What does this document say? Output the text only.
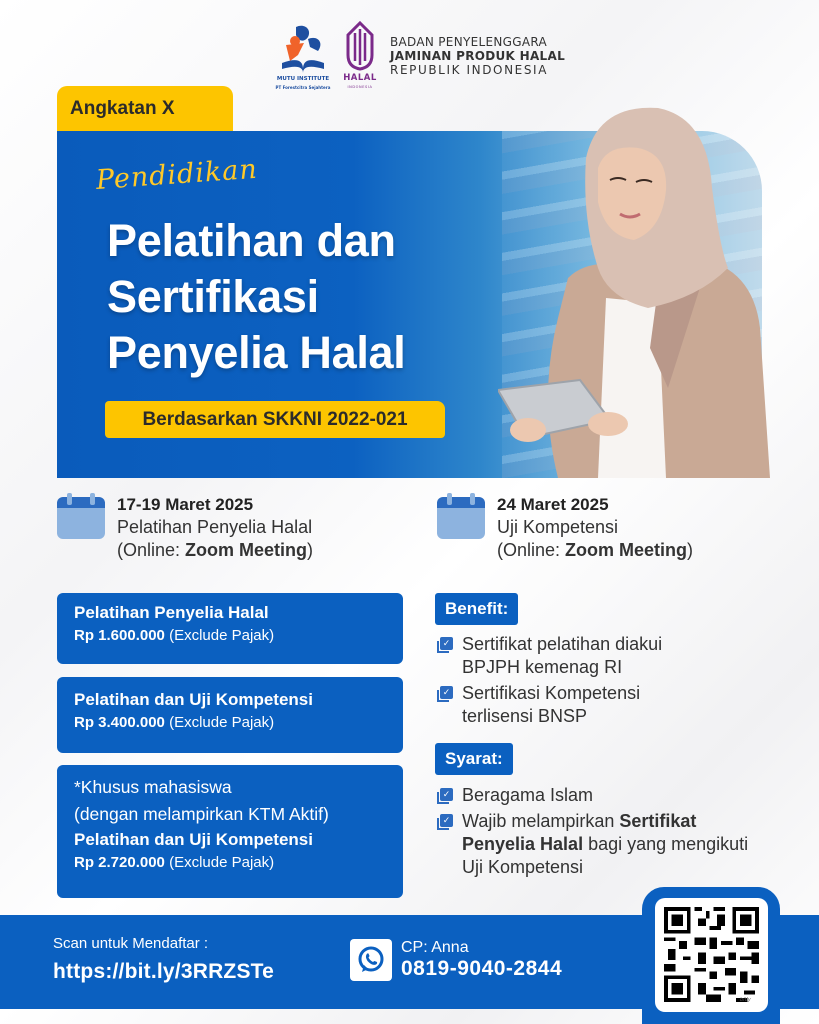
MUTU INSTITUTE
PT Forestcitra Sejahtera
HALAL
INDONESIA
BADAN PENYELENGGARA
JAMINAN PRODUK HALAL
REPUBLIK INDONESIA
Angkatan X
Pendidikan
Pelatihan dan
Sertifikasi
Penyelia Halal
Berdasarkan SKKNI 2022-021
17-19 Maret 2025
Pelatihan Penyelia Halal
(Online: Zoom Meeting)
24 Maret 2025
Uji Kompetensi
(Online: Zoom Meeting)
Pelatihan Penyelia Halal
Rp 1.600.000 (Exclude Pajak)
Pelatihan dan Uji Kompetensi
Rp 3.400.000 (Exclude Pajak)
*Khusus mahasiswa
(dengan melampirkan KTM Aktif)
Pelatihan dan Uji Kompetensi
Rp 2.720.000 (Exclude Pajak)
Benefit:
✓ Sertifikat pelatihan diakui BPJPH kemenag RI
✓ Sertifikasi Kompetensi terlisensi BNSP
Syarat:
✓ Beragama Islam
✓ Wajib melampirkan Sertifikat Penyelia Halal bagi yang mengikuti Uji Kompetensi
Scan untuk Mendaftar :
https://bit.ly/3RRZSTe
CP: Anna
0819-9040-2844
bitly
